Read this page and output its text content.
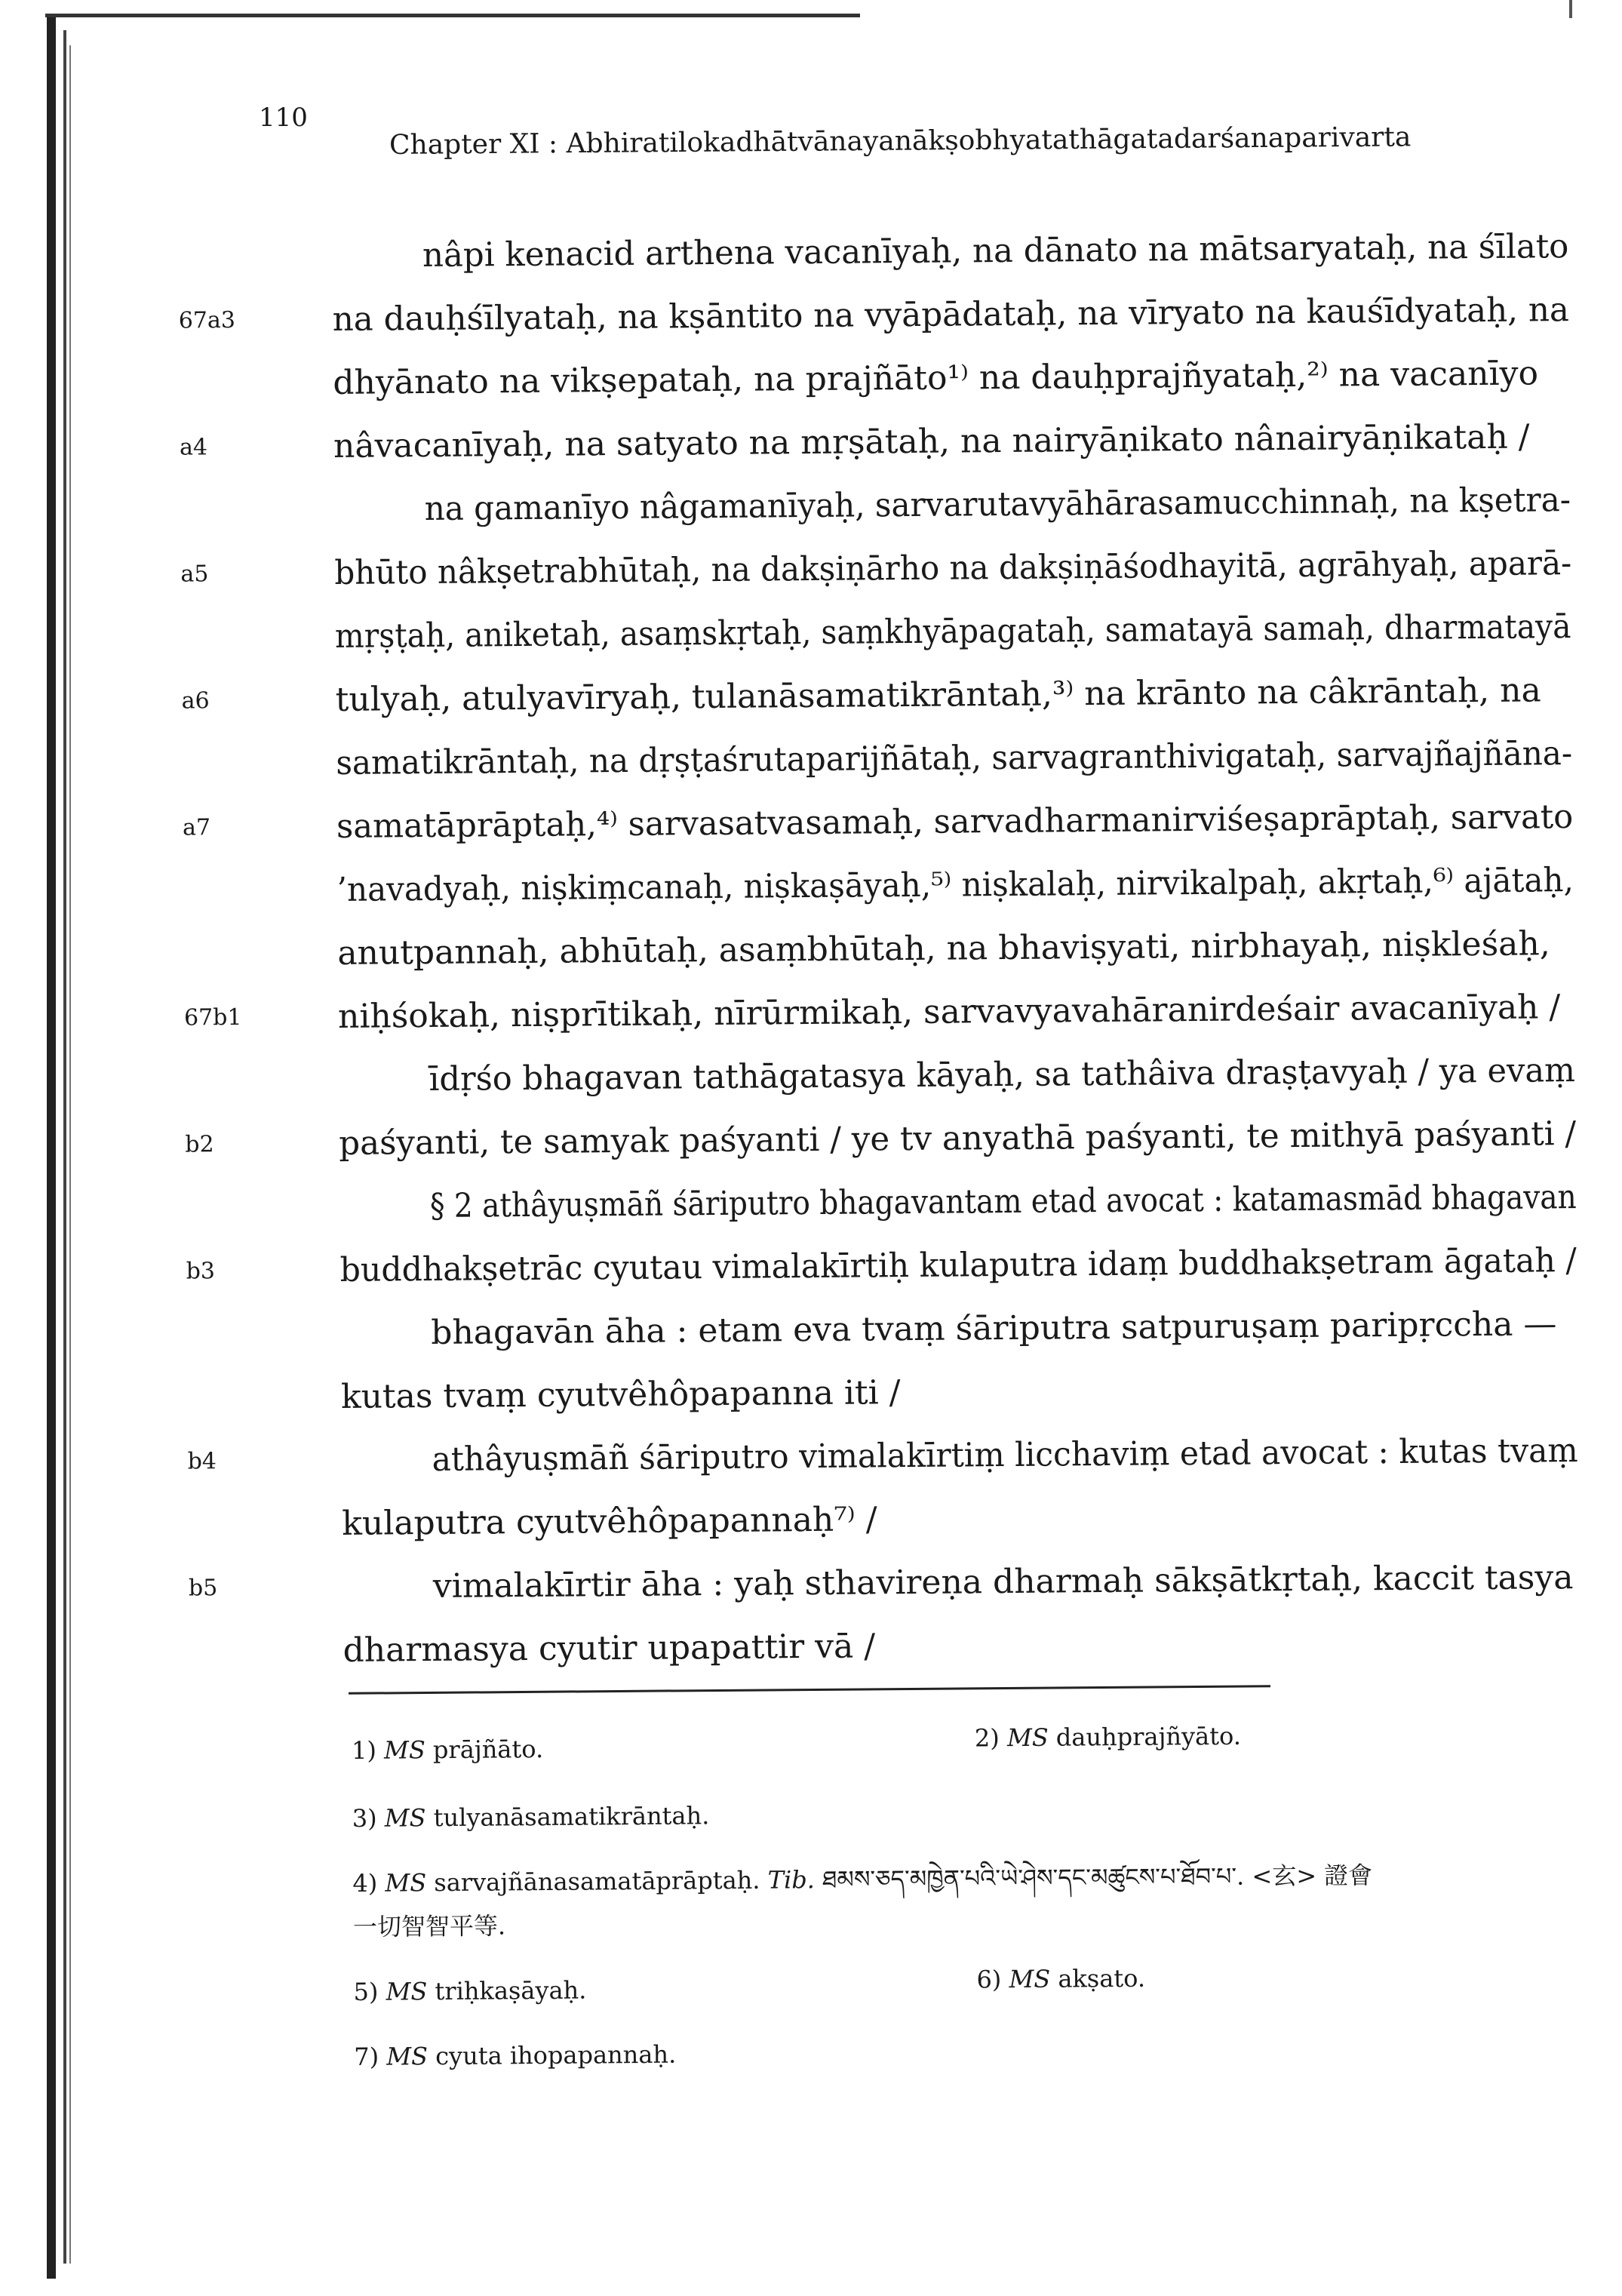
110
Chapter XI : Abhiratilokadhātvānayanākṣobhyatathāgatadarśanaparivarta
nâpi kenacid arthena vacanīyaḥ, na dānato na mātsaryataḥ, na śīlato
na dauḥśīlyataḥ, na kṣāntito na vyāpādataḥ, na vīryato na kauśīdyataḥ, na
67a3
dhyānato na vikṣepataḥ, na prajñāto¹⁾ na dauḥprajñyataḥ,²⁾ na vacanīyo
nâvacanīyaḥ, na satyato na mṛṣātaḥ, na nairyāṇikato nânairyāṇikataḥ /
a4
na gamanīyo nâgamanīyaḥ, sarvarutavyāhārasamucchinnaḥ, na kṣetra-
bhūto nâkṣetrabhūtaḥ, na dakṣiṇārho na dakṣiṇāśodhayitā, agrāhyaḥ, aparā-
a5
mṛṣṭaḥ, aniketaḥ, asaṃskṛtaḥ, saṃkhyāpagataḥ, samatayā samaḥ, dharmatayā
tulyaḥ, atulyavīryaḥ, tulanāsamatikrāntaḥ,³⁾ na krānto na câkrāntaḥ, na
a6
samatikrāntaḥ, na dṛṣṭaśrutaparijñātaḥ, sarvagranthivigataḥ, sarvajñajñāna-
samatāprāptaḥ,⁴⁾ sarvasatvasamaḥ, sarvadharmanirviśeṣaprāptaḥ, sarvato
a7
’navadyaḥ, niṣkiṃcanaḥ, niṣkaṣāyaḥ,⁵⁾ niṣkalaḥ, nirvikalpaḥ, akṛtaḥ,⁶⁾ ajātaḥ,
anutpannaḥ, abhūtaḥ, asaṃbhūtaḥ, na bhaviṣyati, nirbhayaḥ, niṣkleśaḥ,
niḥśokaḥ, niṣprītikaḥ, nīrūrmikaḥ, sarvavyavahāranirdeśair avacanīyaḥ /
67b1
īdṛśo bhagavan tathāgatasya kāyaḥ, sa tathâiva draṣṭavyaḥ / ya evaṃ
paśyanti, te samyak paśyanti / ye tv anyathā paśyanti, te mithyā paśyanti /
b2
§ 2 athâyuṣmāñ śāriputro bhagavantam etad avocat : katamasmād bhagavan
buddhakṣetrāc cyutau vimalakīrtiḥ kulaputra idaṃ buddhakṣetram āgataḥ /
b3
bhagavān āha : etam eva tvaṃ śāriputra satpuruṣaṃ paripṛccha —
kutas tvaṃ cyutvêhôpapanna iti /
athâyuṣmāñ śāriputro vimalakīrtiṃ licchaviṃ etad avocat : kutas tvaṃ
b4
kulaputra cyutvêhôpapannaḥ⁷⁾ /
vimalakīrtir āha : yaḥ sthavireṇa dharmaḥ sākṣātkṛtaḥ, kaccit tasya
b5
dharmasya cyutir upapattir vā /
1) MS prājñāto.	2) MS dauḥprajñyāto.
3) MS tulyanāsamatikrāntaḥ.
4) MS sarvajñānasamatāprāptaḥ. Tib. ཐམས་ཅད་མཁྱེན་པའི་ཡེ་ཤེས་དང་མཚུངས་པ་ཐོབ་པ་. <玄> 證會
一切智智平等.
5) MS triḥkaṣāyaḥ.	6) MS akṣato.
7) MS cyuta ihopapannaḥ.
